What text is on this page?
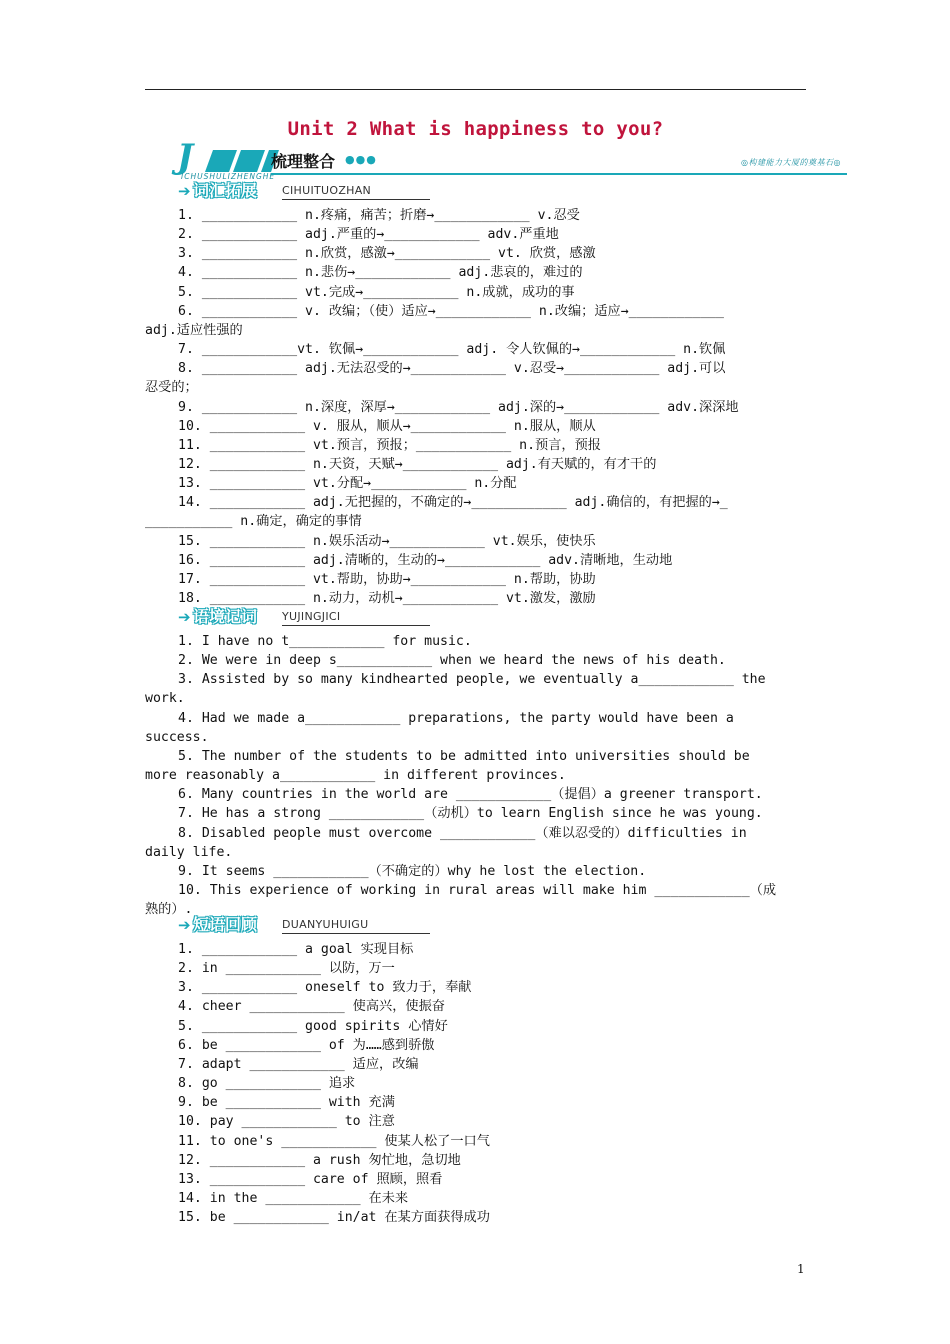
Unit 2 What is happiness to you?
J
ICHUSHULIZHENGHE
梳理整合 ●●●	◎构建能力大厦的奠基石◎
➔ 词汇拓展 CIHUITUOZHAN
1. ____________ n.疼痛，痛苦；折磨→____________ v.忍受
2. ____________ adj.严重的→____________ adv.严重地
3. ____________ n.欣赏，感激→____________ vt. 欣赏，感激
4. ____________ n.悲伤→____________ adj.悲哀的，难过的
5. ____________ vt.完成→____________ n.成就，成功的事
6. ____________ v. 改编；（使）适应→____________ n.改编；适应→____________
adj.适应性强的
7. ____________vt. 钦佩→____________ adj. 令人钦佩的→____________ n.钦佩
8. ____________ adj.无法忍受的→____________ v.忍受→____________ adj.可以
忍受的；
9. ____________ n.深度，深厚→____________ adj.深的→____________ adv.深深地
10. ____________ v. 服从，顺从→____________ n.服从，顺从
11. ____________ vt.预言，预报；____________ n.预言，预报
12. ____________ n.天资，天赋→____________ adj.有天赋的，有才干的
13. ____________ vt.分配→____________ n.分配
14. ____________ adj.无把握的，不确定的→____________ adj.确信的，有把握的→_
___________ n.确定，确定的事情
15. ____________ n.娱乐活动→____________ vt.娱乐，使快乐
16. ____________ adj.清晰的，生动的→____________ adv.清晰地，生动地
17. ____________ vt.帮助，协助→____________ n.帮助，协助
18. ____________ n.动力，动机→____________ vt.激发，激励
➔ 语境记词 YUJINGJICI
1. I have no t____________ for music.
2. We were in deep s____________ when we heard the news of his death.
3. Assisted by so many kindhearted people, we eventually a____________ the
work.
4. Had we made a____________ preparations, the party would have been a
success.
5. The number of the students to be admitted into universities should be
more reasonably a____________ in different provinces.
6. Many countries in the world are ____________（提倡）a greener transport.
7. He has a strong ____________（动机）to learn English since he was young.
8. Disabled people must overcome ____________（难以忍受的）difficulties in
daily life.
9. It seems ____________（不确定的）why he lost the election.
10. This experience of working in rural areas will make him ____________（成
熟的）.
➔ 短语回顾 DUANYUHUIGU
1. ____________ a goal 实现目标
2. in ____________ 以防，万一
3. ____________ oneself to 致力于，奉献
4. cheer ____________ 使高兴，使振奋
5. ____________ good spirits 心情好
6. be ____________ of 为……感到骄傲
7. adapt ____________ 适应，改编
8. go ____________ 追求
9. be ____________ with 充满
10. pay ____________ to 注意
11. to one's ____________ 使某人松了一口气
12. ____________ a rush 匆忙地，急切地
13. ____________ care of 照顾，照看
14. in the ____________ 在未来
15. be ____________ in/at 在某方面获得成功
1
